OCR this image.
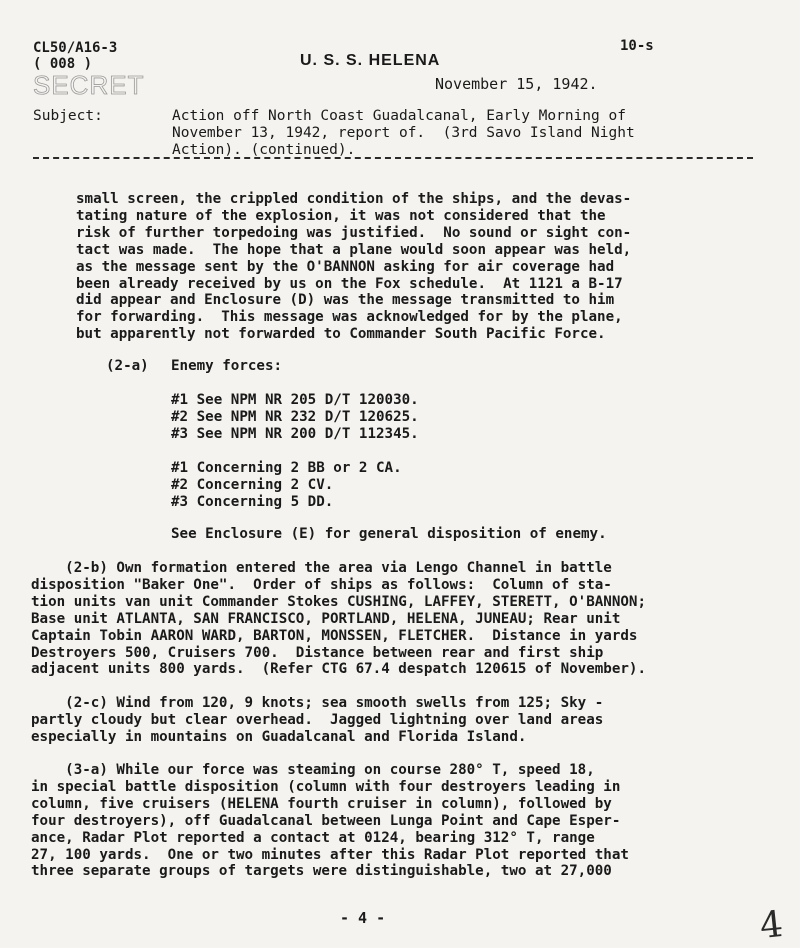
CL50/A16-3
( 008 )
SECRET
U. S. S. HELENA
10-s
November 15, 1942.
Subject:	Action off North Coast Guadalcanal, Early Morning of
November 13, 1942, report of.  (3rd Savo Island Night
Action). (continued).
small screen, the crippled condition of the ships, and the devas-
tating nature of the explosion, it was not considered that the
risk of further torpedoing was justified.  No sound or sight con-
tact was made.  The hope that a plane would soon appear was held,
as the message sent by the O'BANNON asking for air coverage had
been already received by us on the Fox schedule.  At 1121 a B-17
did appear and Enclosure (D) was the message transmitted to him
for forwarding.  This message was acknowledged for by the plane,
but apparently not forwarded to Commander South Pacific Force.
(2-a) Enemy forces:
#1 See NPM NR 205 D/T 120030.
#2 See NPM NR 232 D/T 120625.
#3 See NPM NR 200 D/T 112345.
#1 Concerning 2 BB or 2 CA.
#2 Concerning 2 CV.
#3 Concerning 5 DD.
See Enclosure (E) for general disposition of enemy.
(2-b) Own formation entered the area via Lengo Channel in battle
disposition "Baker One".  Order of ships as follows:  Column of sta-
tion units van unit Commander Stokes CUSHING, LAFFEY, STERETT, O'BANNON;
Base unit ATLANTA, SAN FRANCISCO, PORTLAND, HELENA, JUNEAU; Rear unit
Captain Tobin AARON WARD, BARTON, MONSSEN, FLETCHER.  Distance in yards
Destroyers 500, Cruisers 700.  Distance between rear and first ship
adjacent units 800 yards.  (Refer CTG 67.4 despatch 120615 of November).
(2-c) Wind from 120, 9 knots; sea smooth swells from 125; Sky -
partly cloudy but clear overhead.  Jagged lightning over land areas
especially in mountains on Guadalcanal and Florida Island.
(3-a) While our force was steaming on course 280° T, speed 18,
in special battle disposition (column with four destroyers leading in
column, five cruisers (HELENA fourth cruiser in column), followed by
four destroyers), off Guadalcanal between Lunga Point and Cape Esper-
ance, Radar Plot reported a contact at 0124, bearing 312° T, range
27, 100 yards.  One or two minutes after this Radar Plot reported that
three separate groups of targets were distinguishable, two at 27,000
- 4 -	4
